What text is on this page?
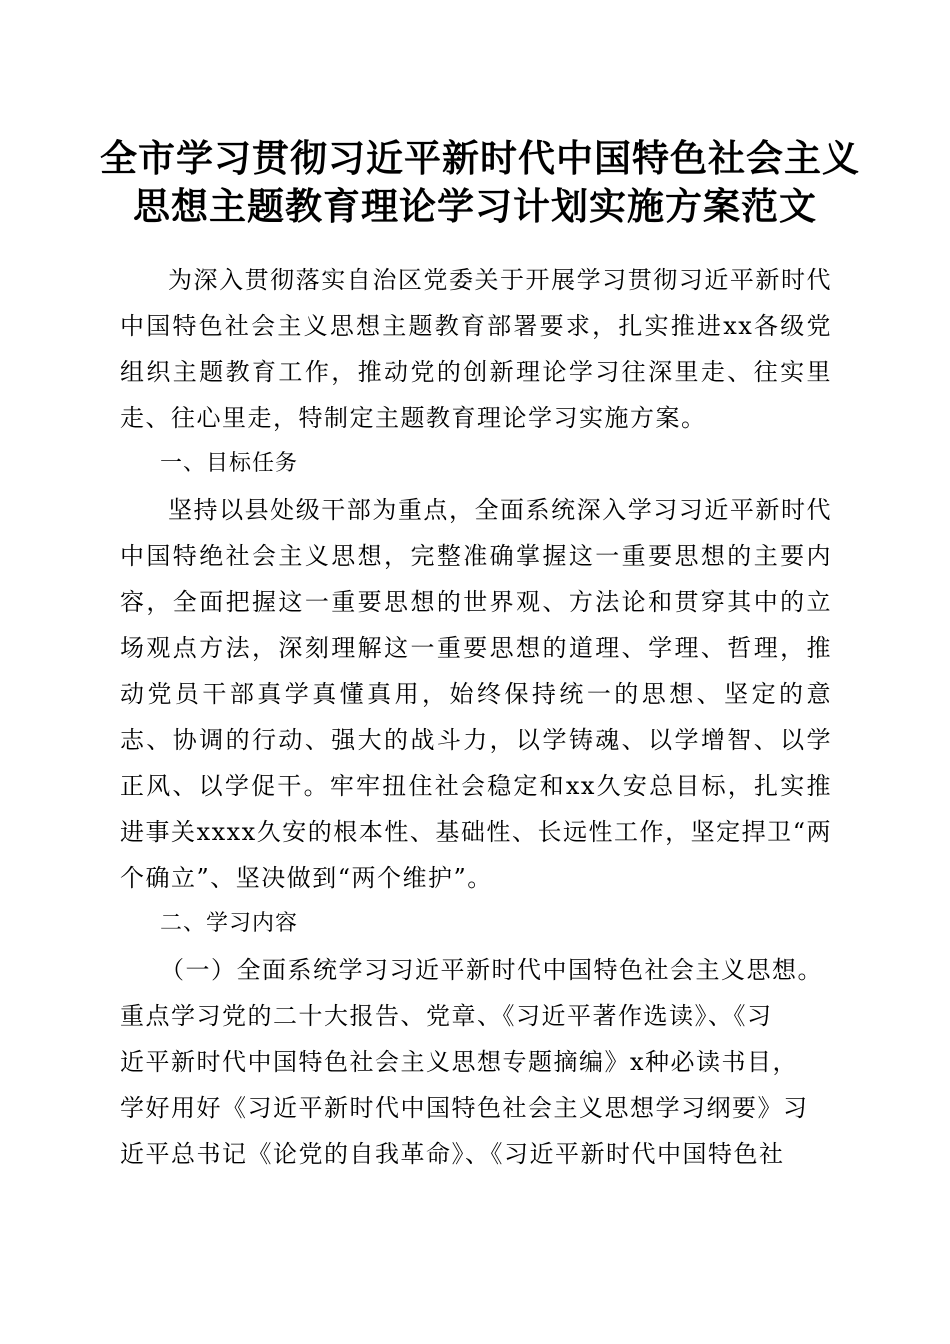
全市学习贯彻习近平新时代中国特色社会主义
思想主题教育理论学习计划实施方案范文

为深入贯彻落实自治区党委关于开展学习贯彻习近平新时代中国特色社会主义思想主题教育部署要求，扎实推进xx各级党组织主题教育工作，推动党的创新理论学习往深里走、往实里走、往心里走，特制定主题教育理论学习实施方案。

一、目标任务

坚持以县处级干部为重点，全面系统深入学习习近平新时代中国特绝社会主义思想，完整准确掌握这一重要思想的主要内容，全面把握这一重要思想的世界观、方法论和贯穿其中的立场观点方法，深刻理解这一重要思想的道理、学理、哲理，推动党员干部真学真懂真用，始终保持统一的思想、坚定的意志、协调的行动、强大的战斗力，以学铸魂、以学增智、以学正风、以学促干。牢牢扭住社会稳定和xx久安总目标，扎实推进事关xxxx久安的根本性、基础性、长远性工作，坚定捍卫“两个确立”、坚决做到“两个维护”。

二、学习内容

（一）全面系统学习习近平新时代中国特色社会主义思想。
重点学习党的二十大报告、党章、《习近平著作选读》、《习
近平新时代中国特色社会主义思想专题摘编》x种必读书目，
学好用好《习近平新时代中国特色社会主义思想学习纲要》习
近平总书记《论党的自我革命》、《习近平新时代中国特色社
